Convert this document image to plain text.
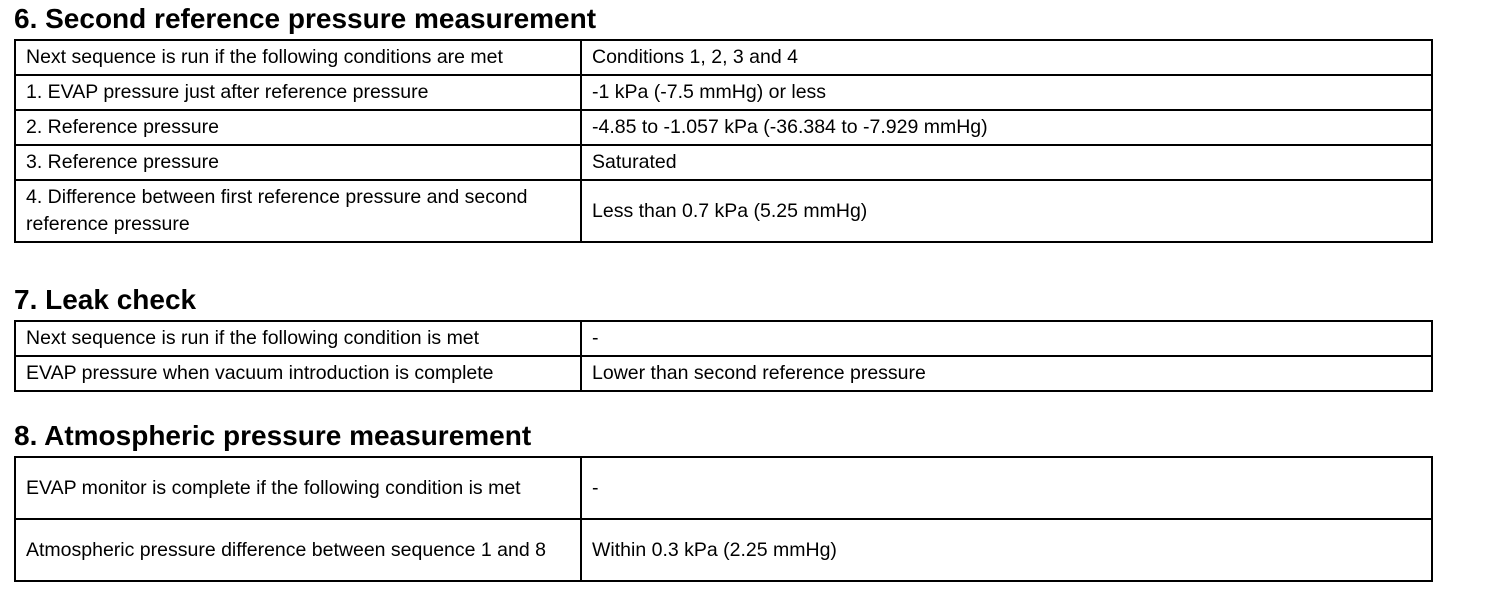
6. Second reference pressure measurement
Next sequence is run if the following conditions are met	Conditions 1, 2, 3 and 4
1. EVAP pressure just after reference pressure	-1 kPa (-7.5 mmHg) or less
2. Reference pressure	-4.85 to -1.057 kPa (-36.384 to -7.929 mmHg)
3. Reference pressure	Saturated
4. Difference between first reference pressure and second reference pressure	Less than 0.7 kPa (5.25 mmHg)
7. Leak check
Next sequence is run if the following condition is met	-
EVAP pressure when vacuum introduction is complete	Lower than second reference pressure
8. Atmospheric pressure measurement
EVAP monitor is complete if the following condition is met	-
Atmospheric pressure difference between sequence 1 and 8	Within 0.3 kPa (2.25 mmHg)
